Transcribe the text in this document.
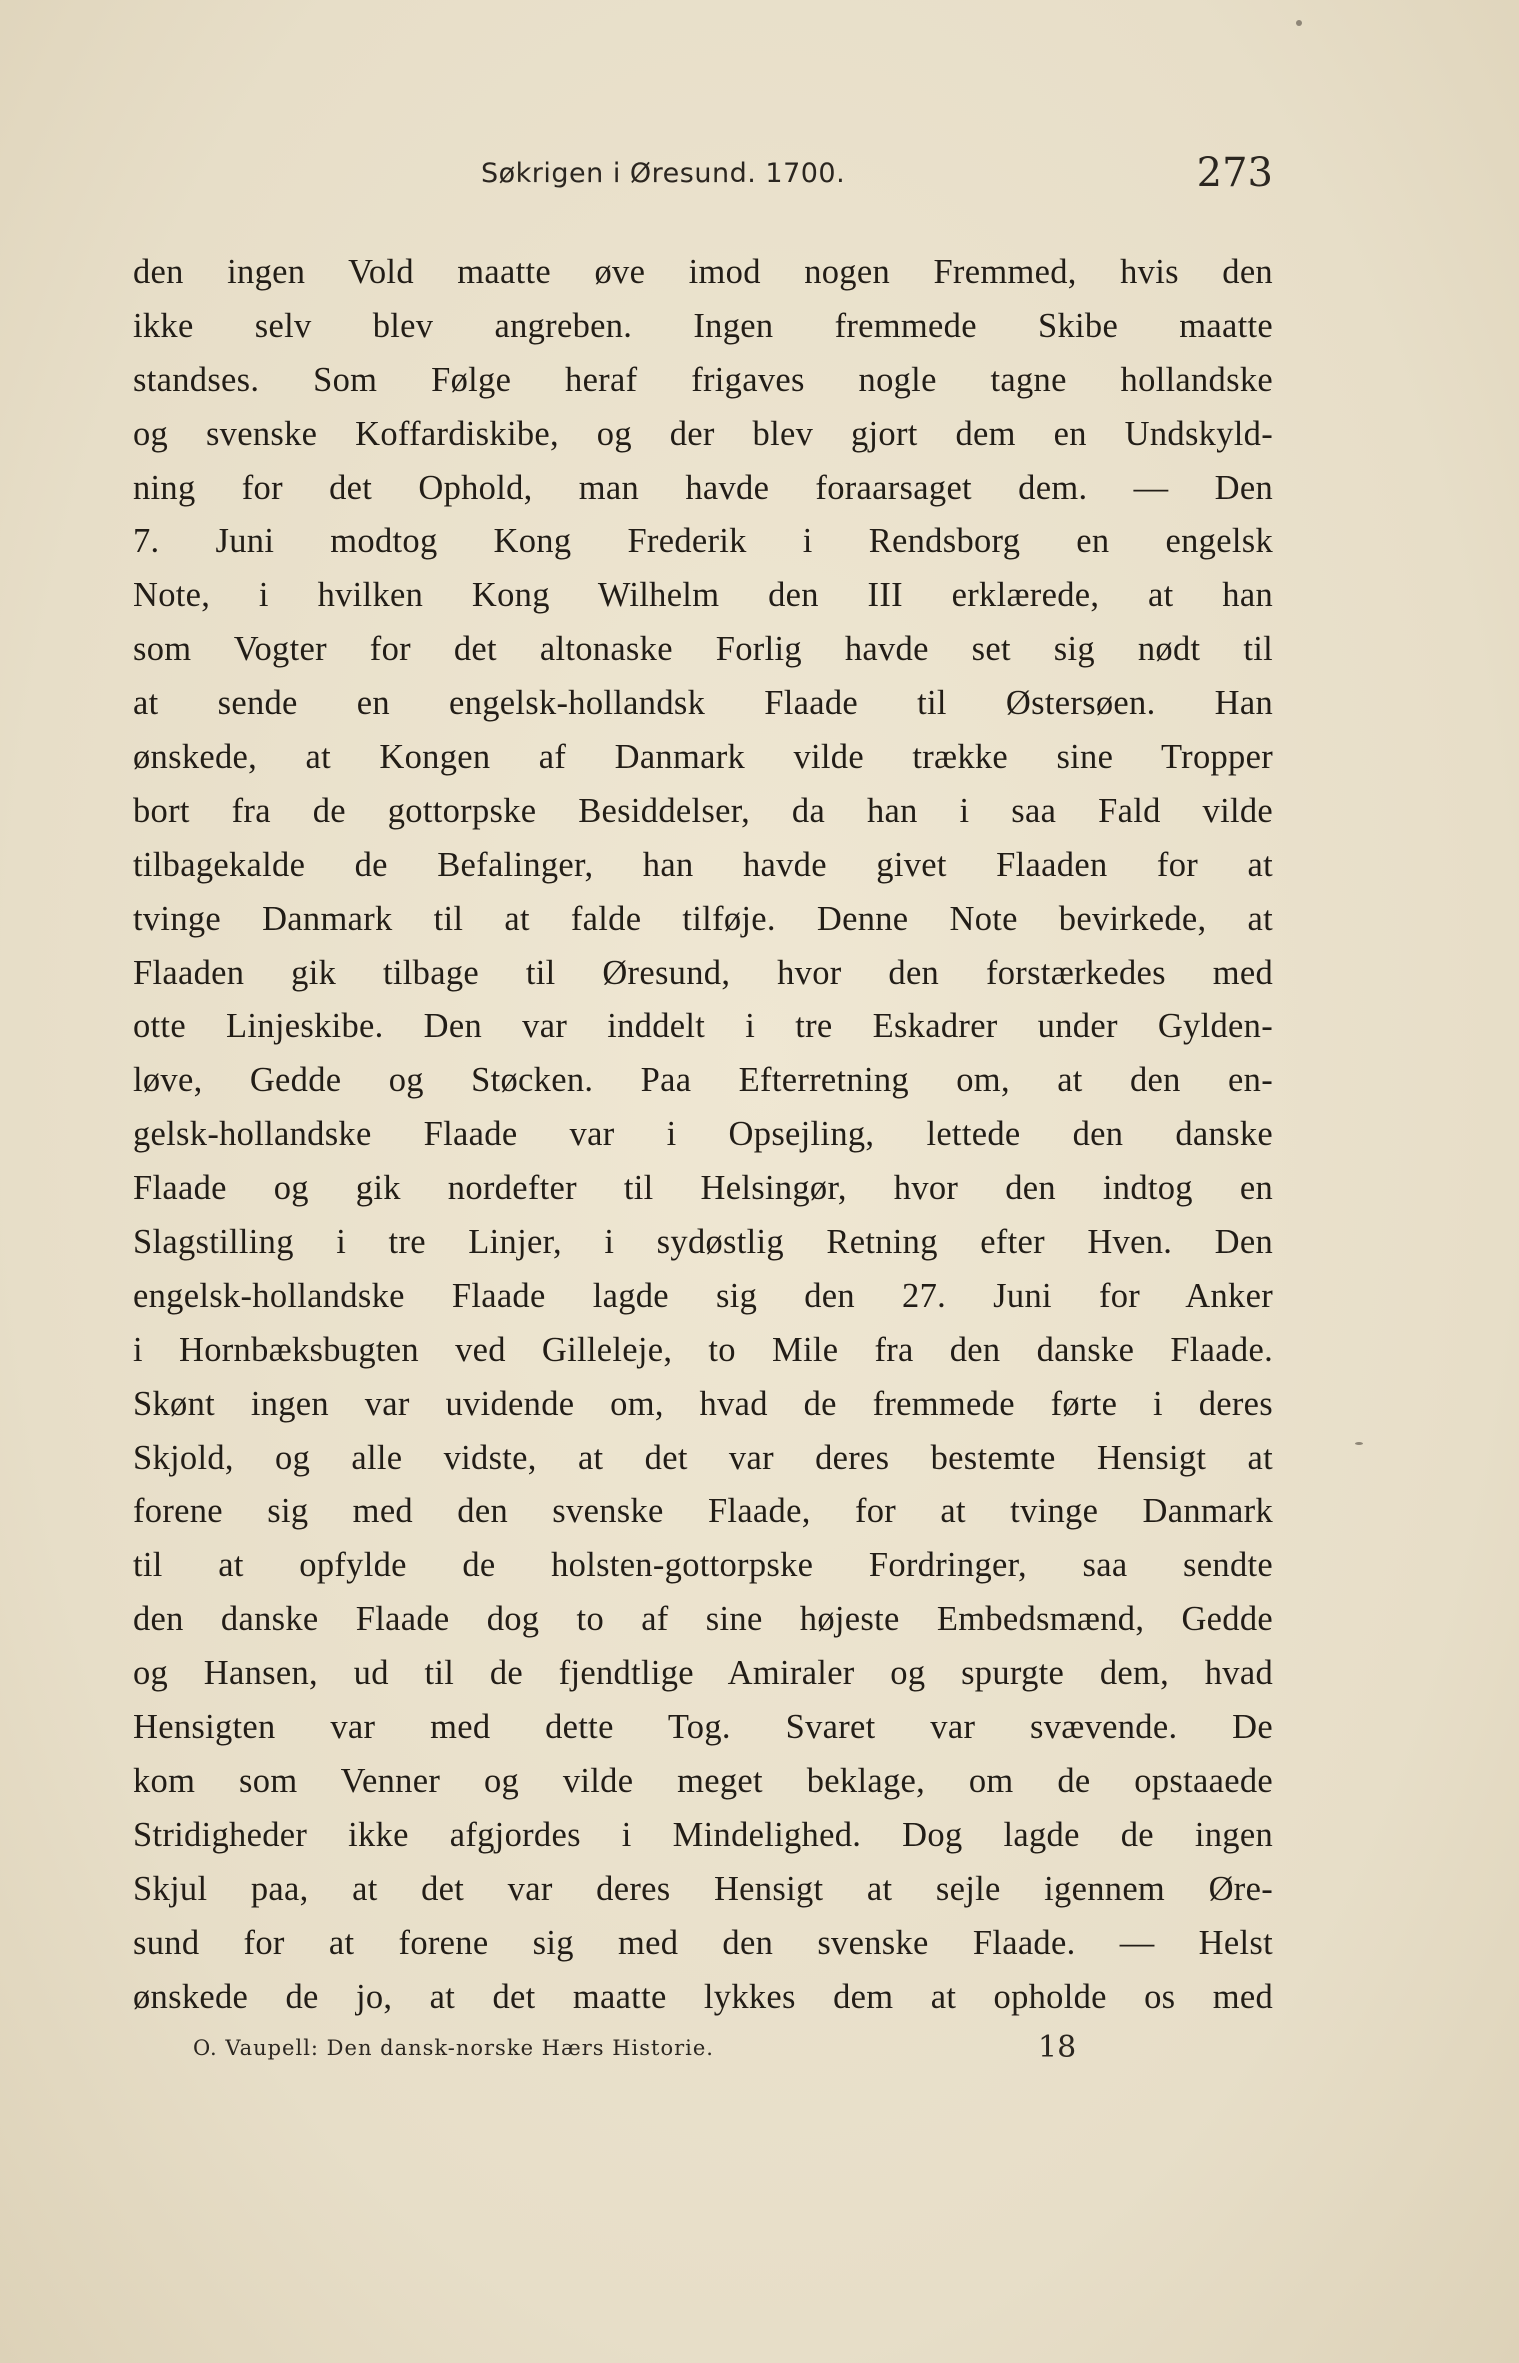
Søkrigen i Øresund. 1700.	273
den ingen Vold maatte øve imod nogen Fremmed, hvis den
ikke selv blev angreben. Ingen fremmede Skibe maatte
standses. Som Følge heraf frigaves nogle tagne hollandske
og svenske Koffardiskibe, og der blev gjort dem en Undskyld-
ning for det Ophold, man havde foraarsaget dem. — Den
7. Juni modtog Kong Frederik i Rendsborg en engelsk
Note, i hvilken Kong Wilhelm den III erklærede, at han
som Vogter for det altonaske Forlig havde set sig nødt til
at sende en engelsk-hollandsk Flaade til Østersøen. Han
ønskede, at Kongen af Danmark vilde trække sine Tropper
bort fra de gottorpske Besiddelser, da han i saa Fald vilde
tilbagekalde de Befalinger, han havde givet Flaaden for at
tvinge Danmark til at falde tilføje. Denne Note bevirkede, at
Flaaden gik tilbage til Øresund, hvor den forstærkedes med
otte Linjeskibe. Den var inddelt i tre Eskadrer under Gylden-
løve, Gedde og Støcken. Paa Efterretning om, at den en-
gelsk-hollandske Flaade var i Opsejling, lettede den danske
Flaade og gik nordefter til Helsingør, hvor den indtog en
Slagstilling i tre Linjer, i sydøstlig Retning efter Hven. Den
engelsk-hollandske Flaade lagde sig den 27. Juni for Anker
i Hornbæksbugten ved Gilleleje, to Mile fra den danske Flaade.
Skønt ingen var uvidende om, hvad de fremmede førte i deres
Skjold, og alle vidste, at det var deres bestemte Hensigt at
forene sig med den svenske Flaade, for at tvinge Danmark
til at opfylde de holsten-gottorpske Fordringer, saa sendte
den danske Flaade dog to af sine højeste Embedsmænd, Gedde
og Hansen, ud til de fjendtlige Amiraler og spurgte dem, hvad
Hensigten var med dette Tog. Svaret var svævende. De
kom som Venner og vilde meget beklage, om de opstaaede
Stridigheder ikke afgjordes i Mindelighed. Dog lagde de ingen
Skjul paa, at det var deres Hensigt at sejle igennem Øre-
sund for at forene sig med den svenske Flaade. — Helst
ønskede de jo, at det maatte lykkes dem at opholde os med
O. Vaupell: Den dansk-norske Hærs Historie.	18
